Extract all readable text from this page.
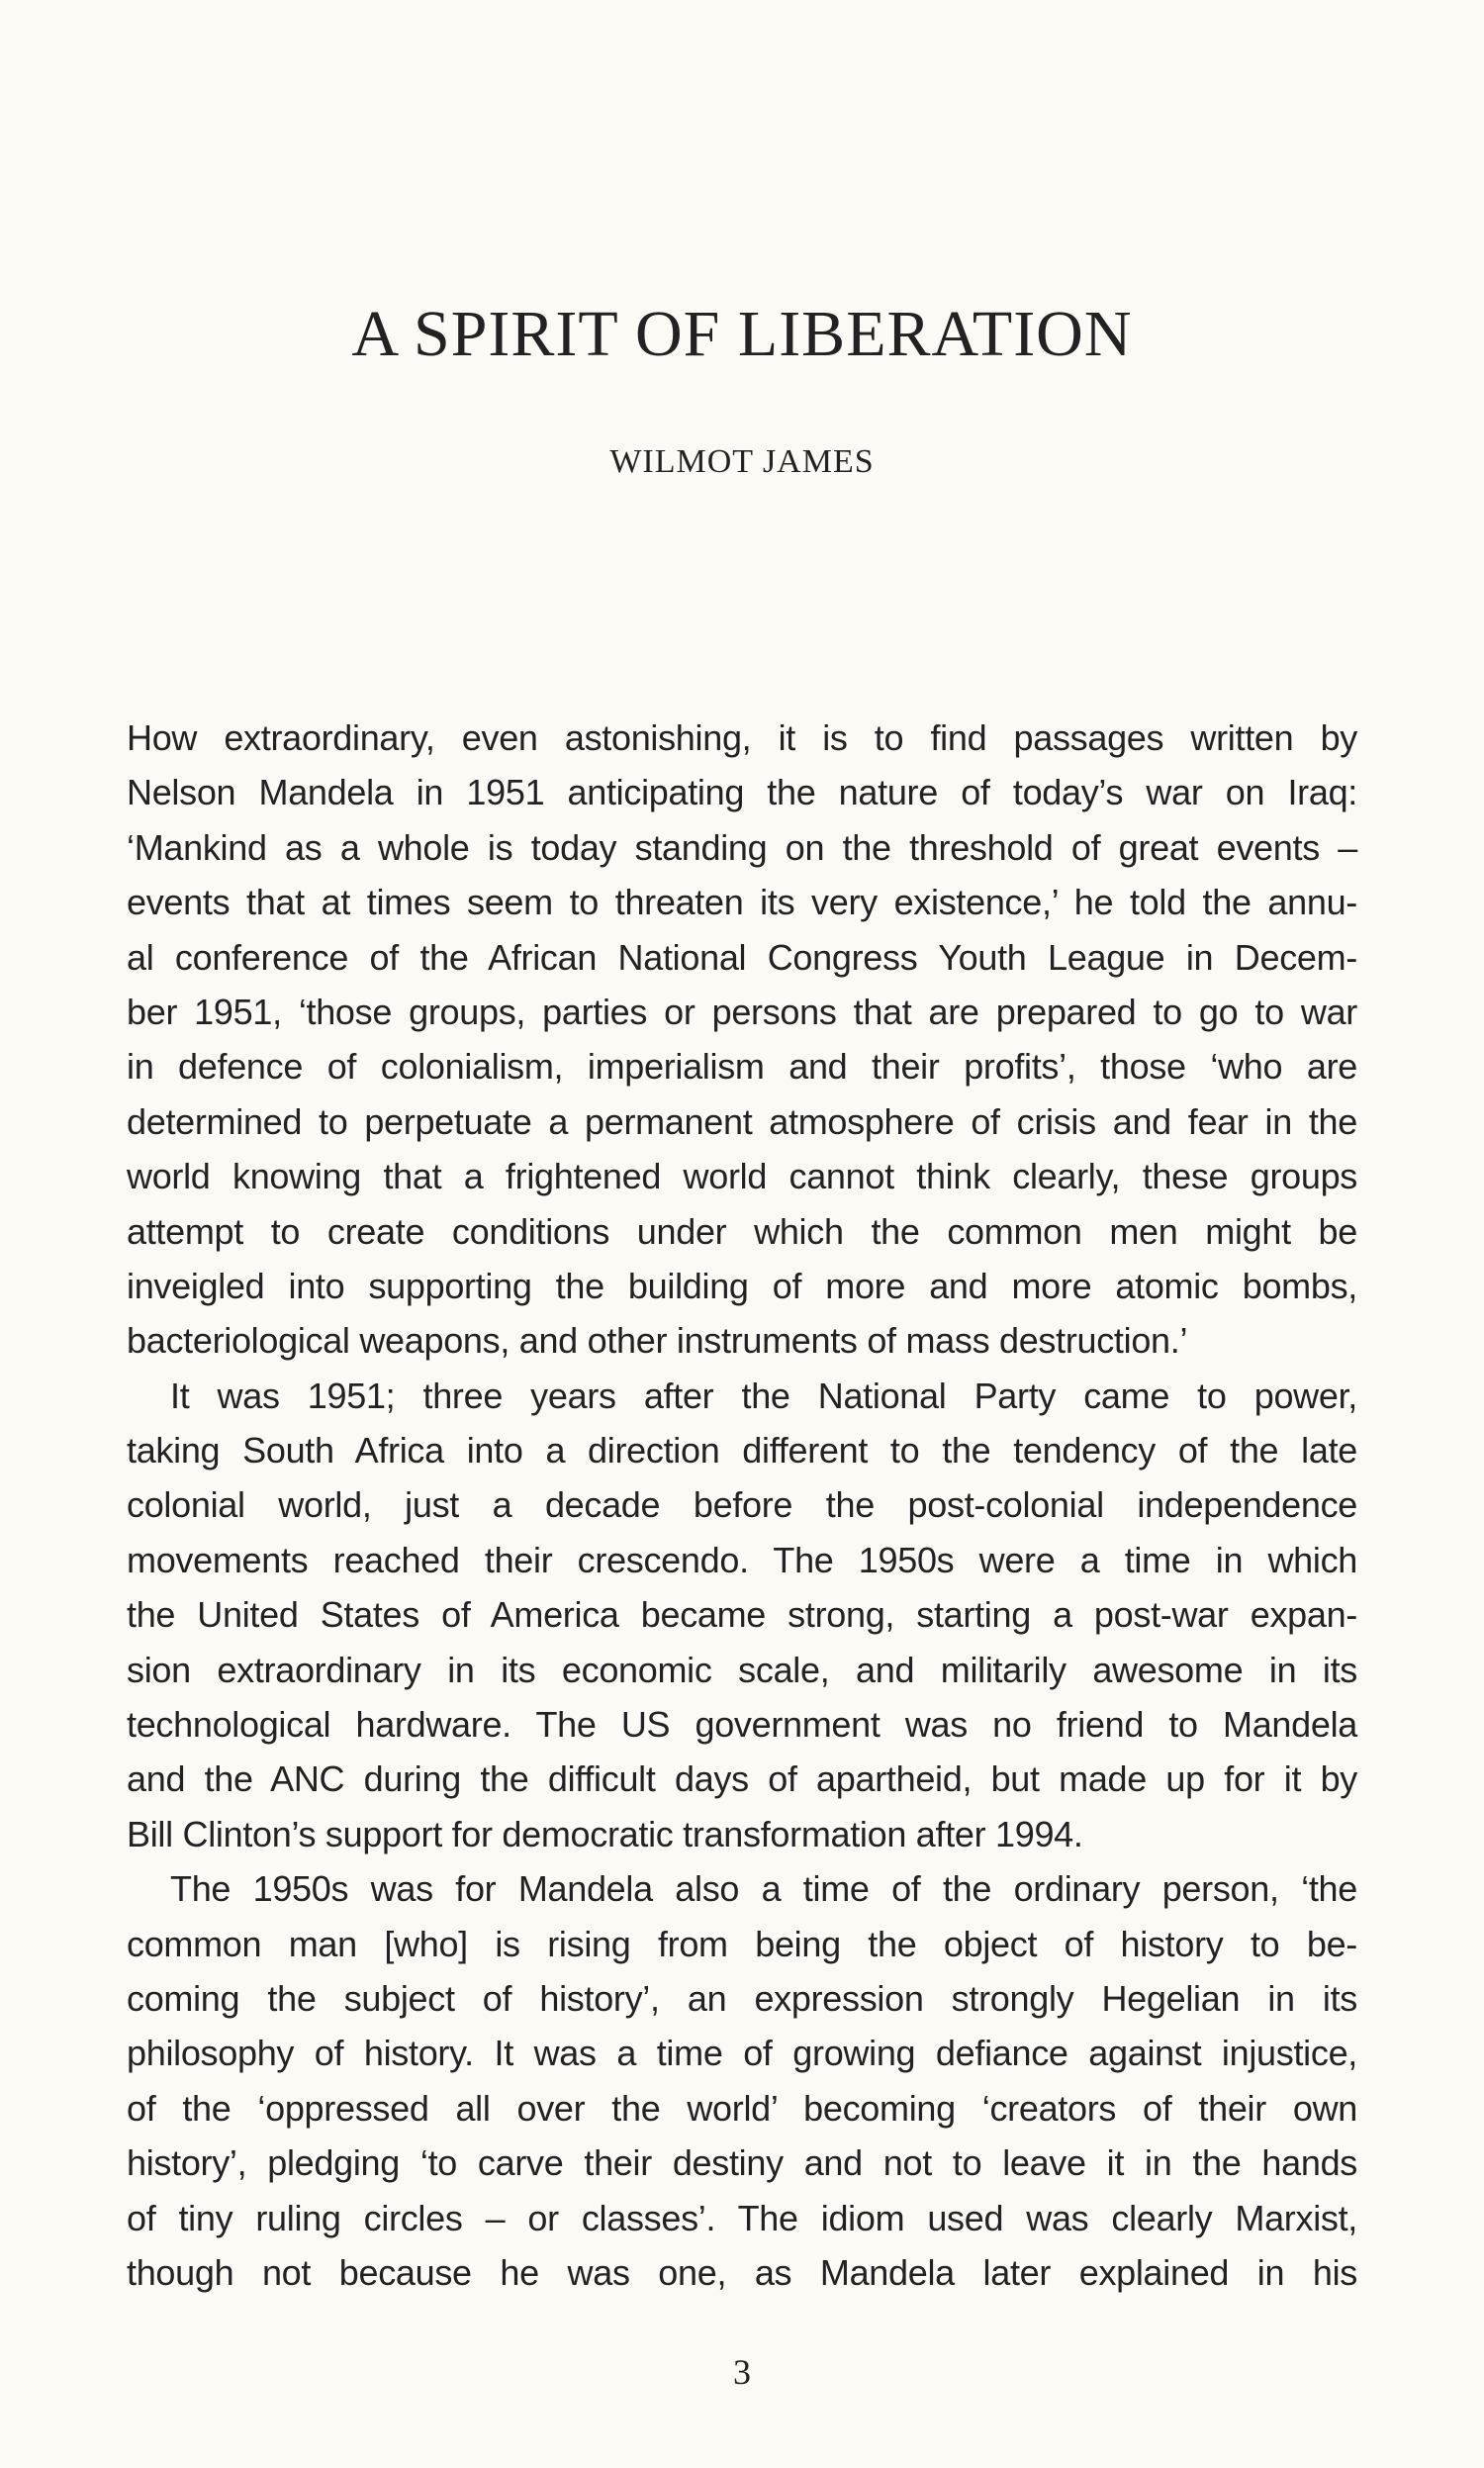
A SPIRIT OF LIBERATION
WILMOT JAMES
How extraordinary, even astonishing, it is to find passages written by
Nelson Mandela in 1951 anticipating the nature of today’s war on Iraq:
‘Mankind as a whole is today standing on the threshold of great events –
events that at times seem to threaten its very existence,’ he told the annu-
al conference of the African National Congress Youth League in Decem-
ber 1951, ‘those groups, parties or persons that are prepared to go to war
in defence of colonialism, imperialism and their profits’, those ‘who are
determined to perpetuate a permanent atmosphere of crisis and fear in the
world knowing that a frightened world cannot think clearly, these groups
attempt to create conditions under which the common men might be
inveigled into supporting the building of more and more atomic bombs,
bacteriological weapons, and other instruments of mass destruction.’
It was 1951; three years after the National Party came to power,
taking South Africa into a direction different to the tendency of the late
colonial world, just a decade before the post-colonial independence
movements reached their crescendo. The 1950s were a time in which
the United States of America became strong, starting a post-war expan-
sion extraordinary in its economic scale, and militarily awesome in its
technological hardware. The US government was no friend to Mandela
and the ANC during the difficult days of apartheid, but made up for it by
Bill Clinton’s support for democratic transformation after 1994.
The 1950s was for Mandela also a time of the ordinary person, ‘the
common man [who] is rising from being the object of history to be-
coming the subject of history’, an expression strongly Hegelian in its
philosophy of history. It was a time of growing defiance against injustice,
of the ‘oppressed all over the world’ becoming ‘creators of their own
history’, pledging ‘to carve their destiny and not to leave it in the hands
of tiny ruling circles – or classes’. The idiom used was clearly Marxist,
though not because he was one, as Mandela later explained in his
3
